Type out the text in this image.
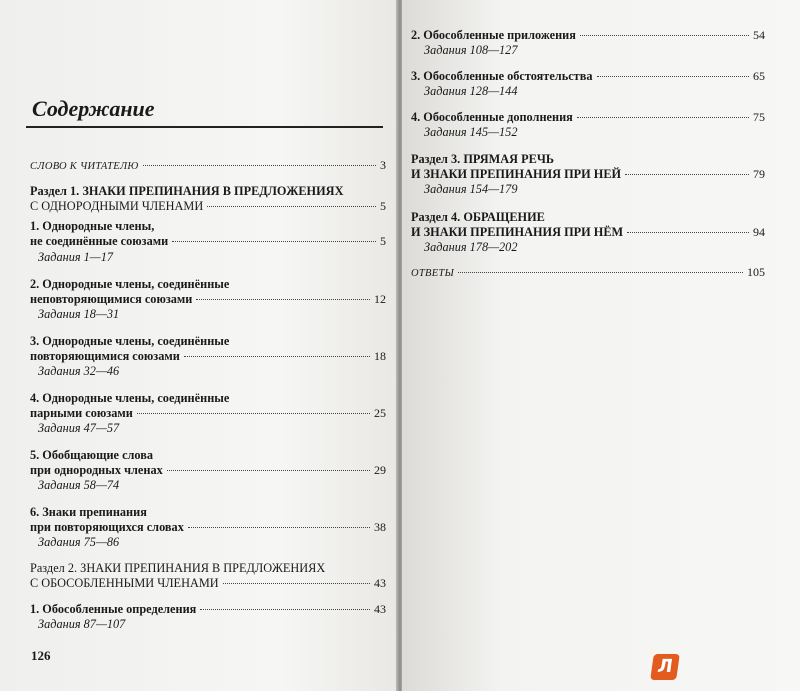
Содержание
СЛОВО К ЧИТАТЕЛЮ	3
Раздел 1. ЗНАКИ ПРЕПИНАНИЯ В ПРЕДЛОЖЕНИЯХ
С ОДНОРОДНЫМИ ЧЛЕНАМИ	5
1. Однородные члены,
не соединённые союзами	5
Задания 1—17
2. Однородные члены, соединённые
неповторяющимися союзами	12
Задания 18—31
3. Однородные члены, соединённые
повторяющимися союзами	18
Задания 32—46
4. Однородные члены, соединённые
парными союзами	25
Задания 47—57
5. Обобщающие слова
при однородных членах	29
Задания 58—74
6. Знаки препинания
при повторяющихся словах	38
Задания 75—86
Раздел 2. ЗНАКИ ПРЕПИНАНИЯ В ПРЕДЛОЖЕНИЯХ
С ОБОСОБЛЕННЫМИ ЧЛЕНАМИ	43
1. Обособленные определения	43
Задания 87—107
126
2. Обособленные приложения	54
Задания 108—127
3. Обособленные обстоятельства	65
Задания 128—144
4. Обособленные дополнения	75
Задания 145—152
Раздел 3. ПРЯМАЯ РЕЧЬ
И ЗНАКИ ПРЕПИНАНИЯ ПРИ НЕЙ	79
Задания 154—179
Раздел 4. ОБРАЩЕНИЕ
И ЗНАКИ ПРЕПИНАНИЯ ПРИ НЁМ	94
Задания 178—202
ОТВЕТЫ	105
Л
